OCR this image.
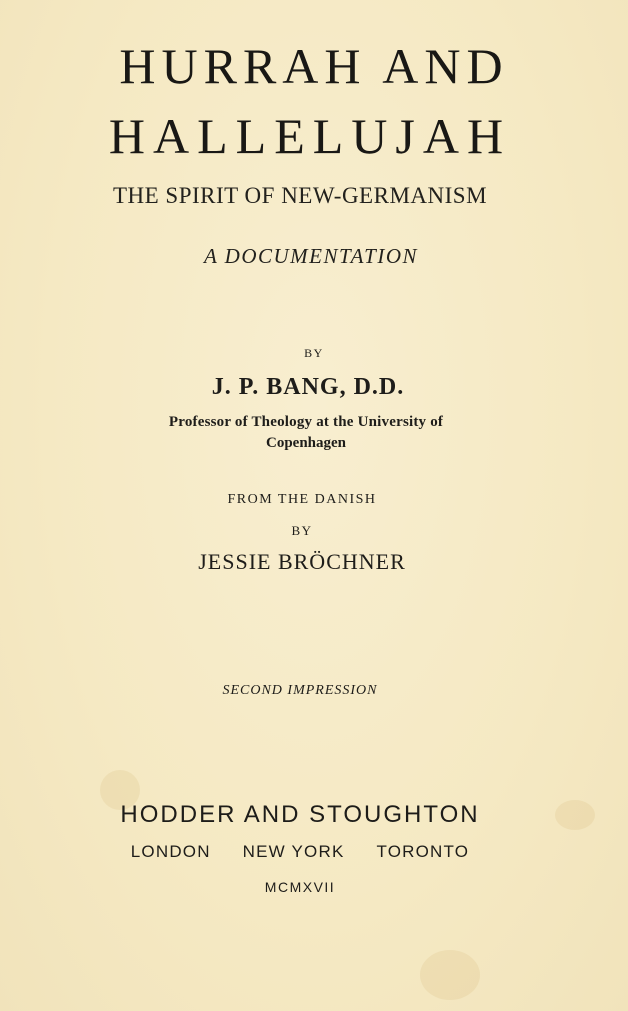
HURRAH AND
HALLELUJAH
THE SPIRIT OF NEW-GERMANISM
A DOCUMENTATION
BY
J. P. BANG, D.D.
Professor of Theology at the University of
Copenhagen
FROM THE DANISH
BY
JESSIE BRÖCHNER
SECOND IMPRESSION
HODDER AND STOUGHTON
LONDON NEW YORK TORONTO
MCMXVII
